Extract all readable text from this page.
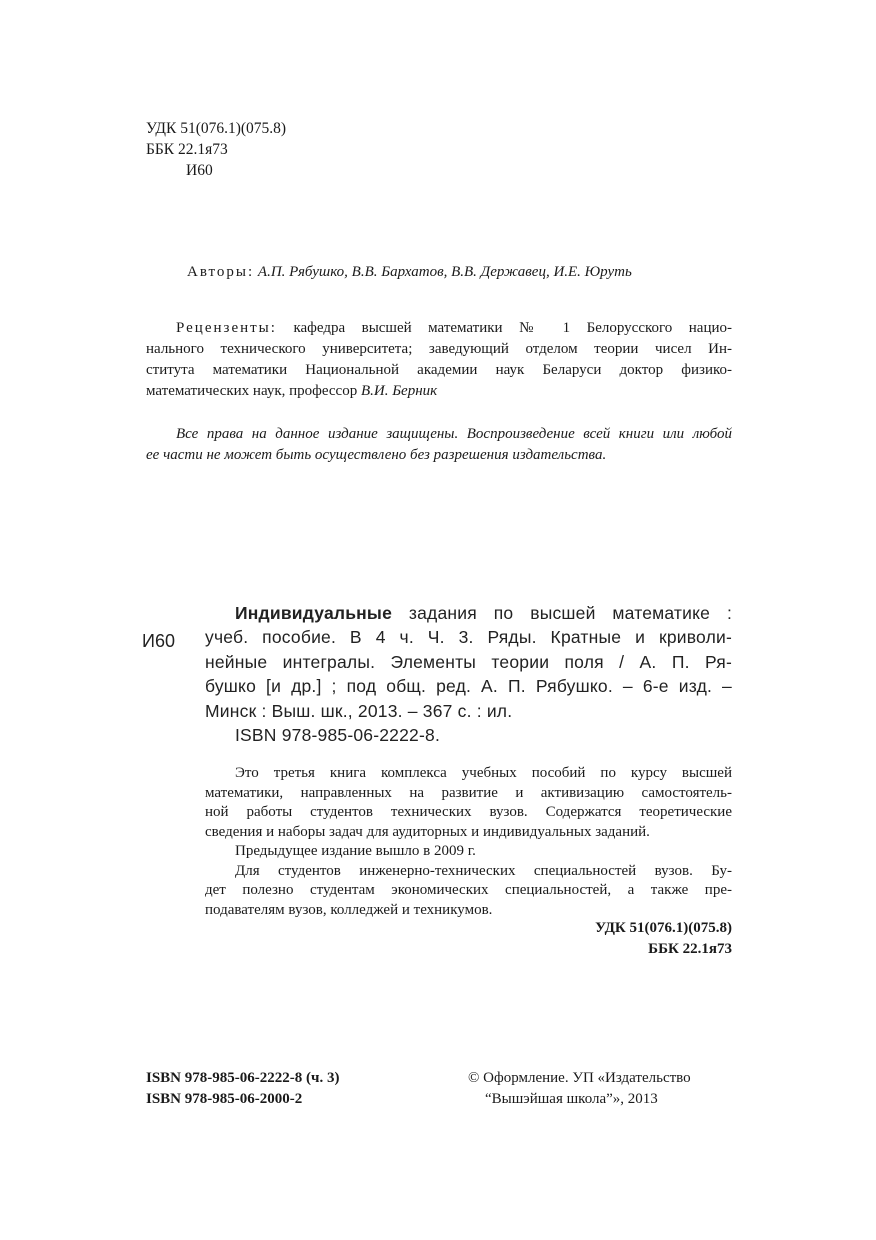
УДК 51(076.1)(075.8)
ББК 22.1я73
И60
Авторы: А.П. Рябушко, В.В. Бархатов, В.В. Державец, И.Е. Юруть
Рецензенты: кафедра высшей математики № 1 Белорусского нацио-
нального технического университета; заведующий отделом теории чисел Ин-
ститута математики Национальной академии наук Беларуси доктор физико-
математических наук, профессор В.И. Берник
Все права на данное издание защищены. Воспроизведение всей книги или любой
ее части не может быть осуществлено без разрешения издательства.
И60
Индивидуальные задания по высшей математике :
учеб. пособие. В 4 ч. Ч. 3. Ряды. Кратные и криволи-
нейные интегралы. Элементы теории поля / А. П. Ря-
бушко [и др.] ; под общ. ред. А. П. Рябушко. – 6-е изд. –
Минск : Выш. шк., 2013. – 367 с. : ил.
ISBN 978-985-06-2222-8.
Это третья книга комплекса учебных пособий по курсу высшей
математики, направленных на развитие и активизацию самостоятель-
ной работы студентов технических вузов. Содержатся теоретические
сведения и наборы задач для аудиторных и индивидуальных заданий.
Предыдущее издание вышло в 2009 г.
Для студентов инженерно-технических специальностей вузов. Бу-
дет полезно студентам экономических специальностей, а также пре-
подавателям вузов, колледжей и техникумов.
УДК 51(076.1)(075.8)
ББК 22.1я73
ISBN 978-985-06-2222-8 (ч. 3)
ISBN 978-985-06-2000-2
© Оформление. УП «Издательство
“Вышэйшая школа”», 2013
